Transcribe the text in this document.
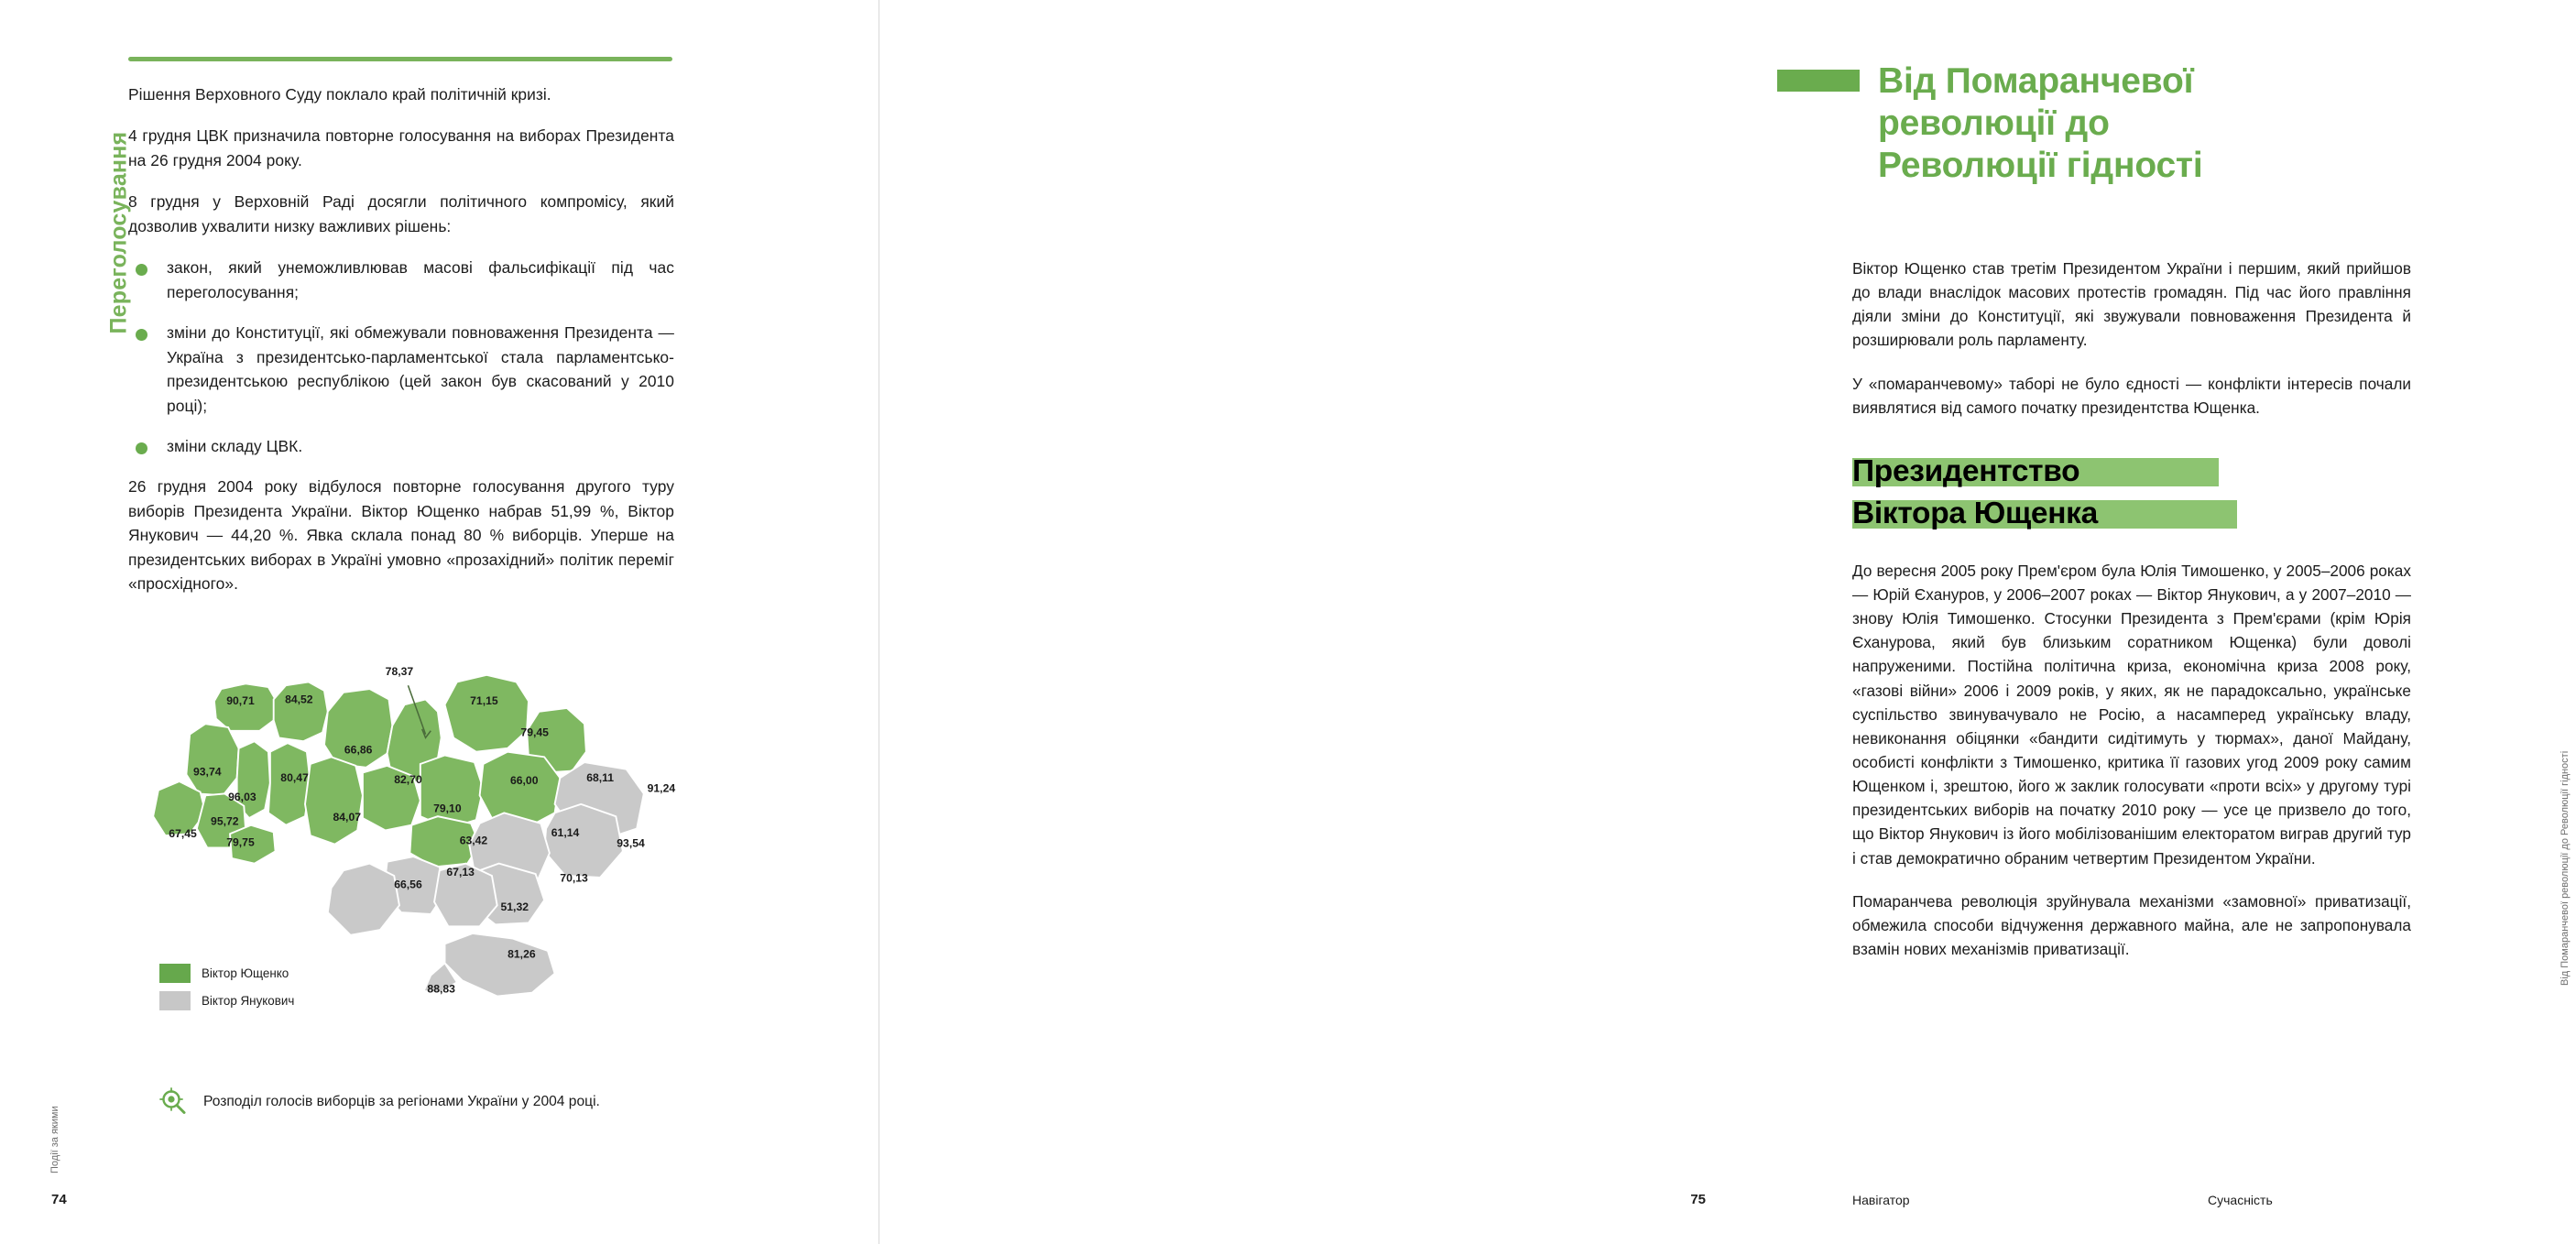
Переголосування
Події за якими

Рішення Верховного Суду поклало край політичній кризі.

4 грудня ЦВК призначила повторне голосування на виборах Президента на 26 грудня 2004 року.

8 грудня у Верховній Раді досягли політичного компромісу, який дозволив ухвалити низку важливих рішень:

закон, який унеможливлював масові фальсифікації під час переголосування;
зміни до Конституції, які обмежували повноваження Президента — Україна з президентсько-парламентської стала парламентсько-президентською республікою (цей закон був скасований у 2010 році);
зміни складу ЦВК.

26 грудня 2004 року відбулося повторне голосування другого туру виборів Президента України. Віктор Ющенко набрав 51,99 %, Віктор Янукович — 44,20 %. Явка склала понад 80 % виборців. Уперше на президентських виборах в Україні умовно «прозахідний» політик переміг «просхідного».

90,71	84,52
78,37
71,15
79,45
66,86
93,74
96,03
80,47	82,70	66,00	68,11
91,24
95,72
67,45
79,75
84,07
79,10
63,42
61,14
93,54
66,56
67,13	70,13
51,32
81,26
88,83
Віктор Ющенко
Віктор Янукович
Розподіл голосів виборців за регіонами України у 2004 році.
74
Від Помаранчевої революції до Революції гідності

Віктор Ющенко став третім Президентом України і першим, який прийшов до влади внаслідок масових протестів громадян. Під час його правління діяли зміни до Конституції, які звужували повноваження Президента й розширювали роль парламенту.

У «помаранчевому» таборі не було єдності — конфлікти інтересів почали виявлятися від самого початку президентства Ющенка.

Президентство
Віктора Ющенка

До вересня 2005 року Прем'єром була Юлія Тимошенко, у 2005–2006 роках — Юрій Єхануров, у 2006–2007 роках — Віктор Янукович, а у 2007–2010 — знову Юлія Тимошенко. Стосунки Президента з Прем'єрами (крім Юрія Єханурова, який був близьким соратником Ющенка) були доволі напруженими. Постійна політична криза, економічна криза 2008 року, «газові війни» 2006 і 2009 років, у яких, як не парадоксально, українське суспільство звинувачувало не Росію, а насамперед українську владу, невиконання обіцянки «бандити сидітимуть у тюрмах», даної Майдану, особисті конфлікти з Тимошенко, критика її газових угод 2009 року самим Ющенком і, зрештою, його ж заклик голосувати «проти всіх» у другому турі президентських виборів на початку 2010 року — усе це призвело до того, що Віктор Янукович із його мобілізованішим електоратом виграв другий тур і став демократично обраним четвертим Президентом України.

Помаранчева революція зруйнувала механізми «замовної» приватизації, обмежила способи відчуження державного майна, але не запропонувала взамін нових механізмів приватизації.	Від Помаранчевої революції до Революції гідності
Навігатор	Сучасність
75
